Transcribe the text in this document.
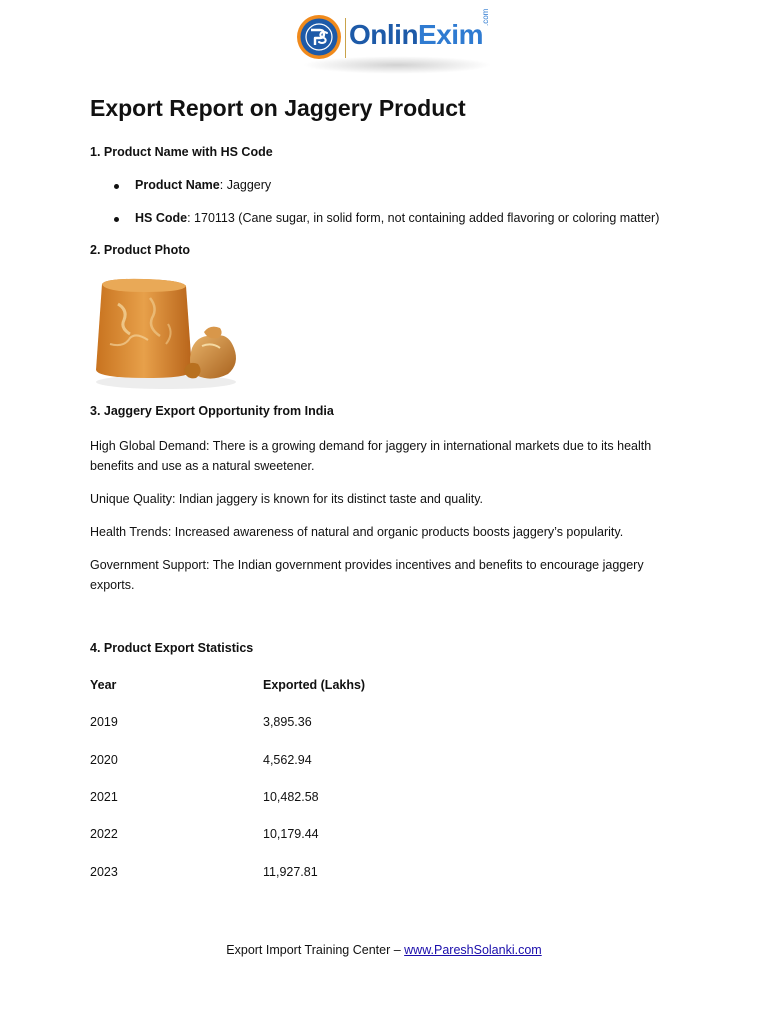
OnlinExim
.com
Export Report on Jaggery Product
1. Product Name with HS Code
Product Name: Jaggery
HS Code: 170113 (Cane sugar, in solid form, not containing added flavoring or coloring matter)
2. Product Photo
3. Jaggery Export Opportunity from India
High Global Demand: There is a growing demand for jaggery in international markets due to its health benefits and use as a natural sweetener.
Unique Quality: Indian jaggery is known for its distinct taste and quality.
Health Trends: Increased awareness of natural and organic products boosts jaggery’s popularity.
Government Support: The Indian government provides incentives and benefits to encourage jaggery exports.
4. Product Export Statistics
Year	Exported (Lakhs)
2019	3,895.36
2020	4,562.94
2021	10,482.58
2022	10,179.44
2023	11,927.81
Export Import Training Center – www.PareshSolanki.com
